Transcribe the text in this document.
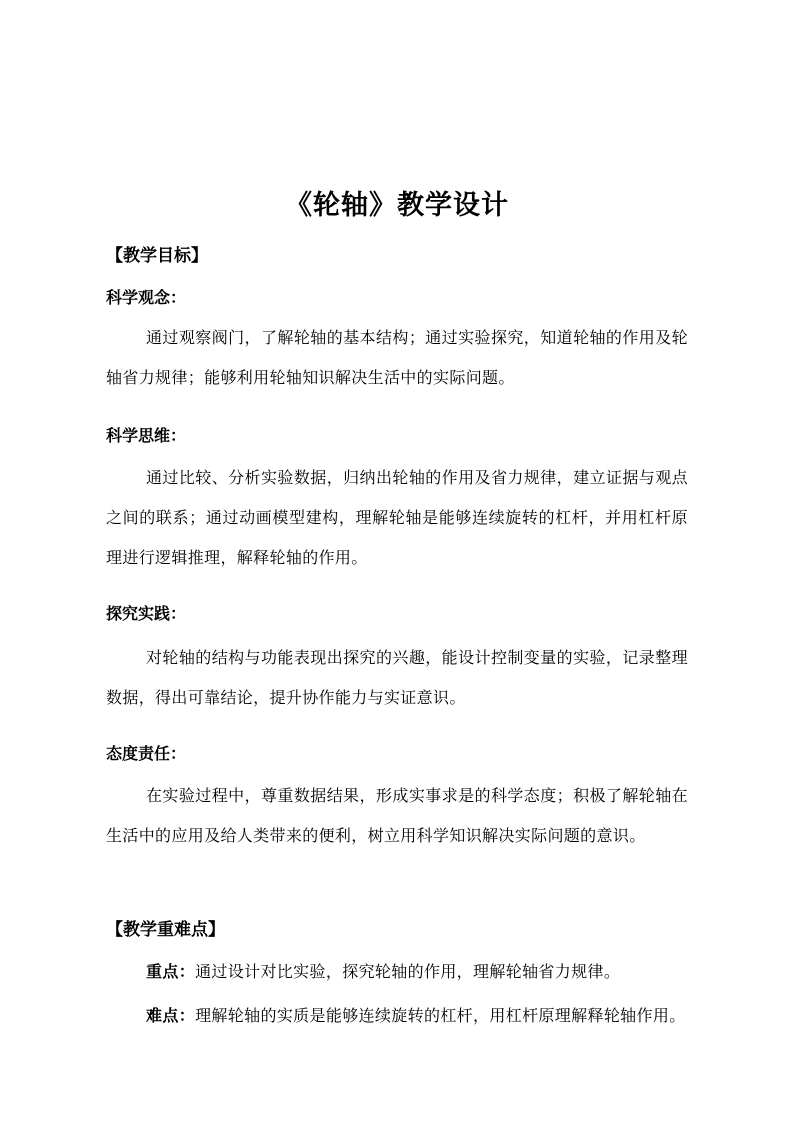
《轮轴》教学设计
【教学目标】
科学观念：
通过观察阀门，了解轮轴的基本结构；通过实验探究，知道轮轴的作用及轮轴省力规律；能够利用轮轴知识解决生活中的实际问题。
科学思维：
通过比较、分析实验数据，归纳出轮轴的作用及省力规律，建立证据与观点之间的联系；通过动画模型建构，理解轮轴是能够连续旋转的杠杆，并用杠杆原理进行逻辑推理，解释轮轴的作用。
探究实践：
对轮轴的结构与功能表现出探究的兴趣，能设计控制变量的实验，记录整理数据，得出可靠结论，提升协作能力与实证意识。
态度责任：
在实验过程中，尊重数据结果，形成实事求是的科学态度；积极了解轮轴在生活中的应用及给人类带来的便利，树立用科学知识解决实际问题的意识。
【教学重难点】
重点：通过设计对比实验，探究轮轴的作用，理解轮轴省力规律。
难点：理解轮轴的实质是能够连续旋转的杠杆，用杠杆原理解释轮轴作用。
